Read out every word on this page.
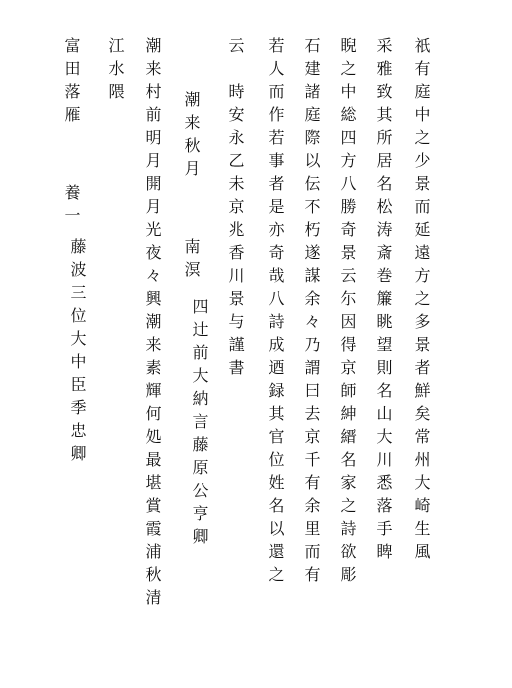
祇有庭中之少景而延遠方之多景者鮮矣常州大崎生風
采雅致其所居名松涛斎巻簾眺望則名山大川悉落手睥
睨之中総四方八勝奇景云尓因得京師紳縉名家之詩欲彫
石建諸庭際以伝不朽遂謀余々乃謂曰去京千有余里而有
若人而作若事者是亦奇哉八詩成迺録其官位姓名以還之
云　時安永乙未京兆香川景与謹書
潮来秋月
南溟
四辻前大納言藤原公亨卿
潮来村前明月開月光夜々興潮来素輝何処最堪賞霞浦秋清
江水隈
富田落雁
養一
藤波三位大中臣季忠卿
